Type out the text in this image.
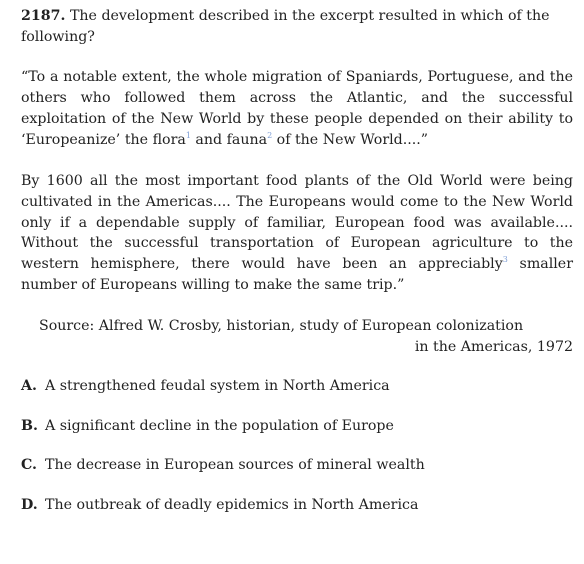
2187. The development described in the excerpt resulted in which of the following?

“To a notable extent, the whole migration of Spaniards, Portuguese, and the others who followed them across the Atlantic, and the successful exploitation of the New World by these people depended on their ability to ‘Europeanize’ the flora$^1$ and fauna$^2$ of the New World....”

By 1600 all the most important food plants of the Old World were being cultivated in the Americas.... The Europeans would come to the New World only if a dependable supply of familiar, European food was available.... Without the successful transportation of European agriculture to the western hemisphere, there would have been an appreciably$^3$ smaller number of Europeans willing to make the same trip.”

Source: Alfred W. Crosby, historian, study of European colonization
in the Americas, 1972

A. A strengthened feudal system in North America

B. A significant decline in the population of Europe

C. The decrease in European sources of mineral wealth

D. The outbreak of deadly epidemics in North America
